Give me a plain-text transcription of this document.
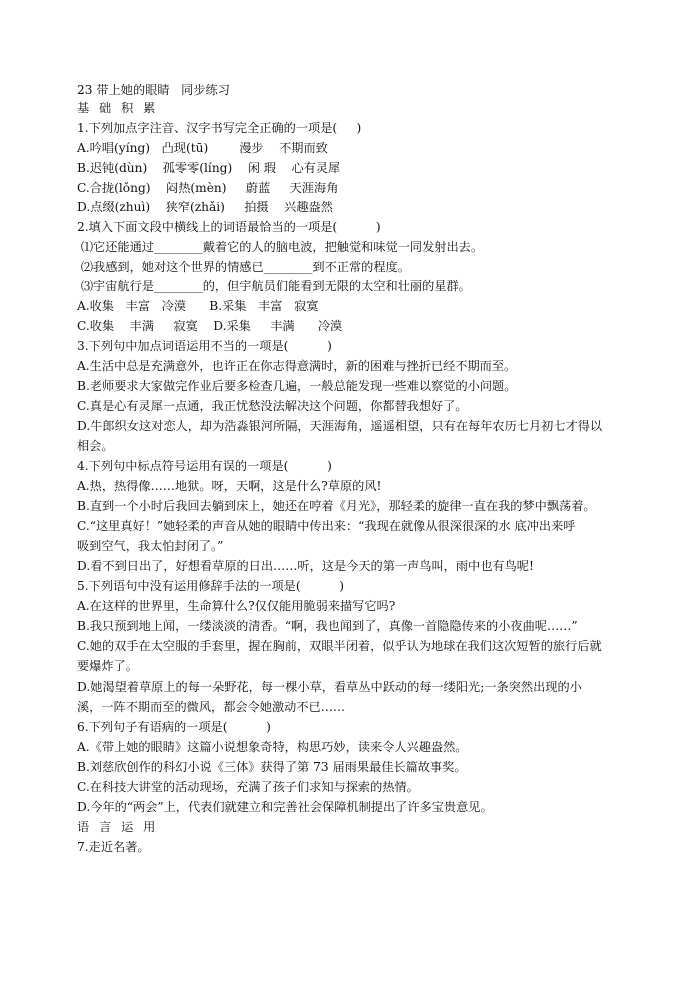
23 带上她的眼睛   同步练习
基 础 积 累
1.下列加点字注音、汉字书写完全正确的一项是(     )
A.吟唱(yíng)   凸现(tū)        漫步    不期而致
B.迟钝(dùn)    孤零零(líng)    闲 瑕    心有灵犀
C.合拢(lǒng)    闷热(mèn)     蔚蓝     天涯海角
D.点缀(zhuì)    狭窄(zhǎi)     拍摄    兴趣盎然
2.填入下面文段中横线上的词语最恰当的一项是(          )
⑴它还能通过________戴着它的人的脑电波，把触觉和味觉一同发射出去。
⑵我感到，她对这个世界的情感已________到不正常的程度。
⑶宇宙航行是________的，但宇航员们能看到无限的太空和壮丽的星群。
A.收集   丰富   冷漠      B.采集   丰富   寂寞
C.收集    丰满     寂寞    D.采集     丰满      冷漠
3.下列句中加点词语运用不当的一项是(          )
A.生活中总是充满意外，也许正在你志得意满时，新的困难与挫折已经不期而至。
B.老师要求大家做完作业后要多检查几遍，一般总能发现一些难以察觉的小问题。
C.真是心有灵犀一点通，我正忧愁没法解决这个问题，你都替我想好了。
D.牛郎织女这对恋人，却为浩淼银河所隔，天涯海角，遥遥相望，只有在每年农历七月初七才得以
相会。
4.下列句中标点符号运用有误的一项是(          )
A.热，热得像……地狱。呀，天啊，这是什么?草原的风!
B.直到一个小时后我回去躺到床上，她还在哼着《月光》，那轻柔的旋律一直在我的梦中飘荡着。
C.“这里真好！”她轻柔的声音从她的眼睛中传出来：“我现在就像从很深很深的水 底冲出来呼
吸到空气，我太怕封闭了。”
D.看不到日出了，好想看草原的日出……听，这是今天的第一声鸟叫，雨中也有鸟呢!
5.下列语句中没有运用修辞手法的一项是(          )
A.在这样的世界里，生命算什么?仅仅能用脆弱来描写它吗?
B.我只预到地上闻，一缕淡淡的清香。“啊，我也闻到了，真像一首隐隐传来的小夜曲呢……”
C.她的双手在太空服的手套里，握在胸前，双眼半闭着，似乎认为地球在我们这次短暂的旅行后就
要爆炸了。
D.她渴望着草原上的每一朵野花，每一棵小草，看草丛中跃动的每一缕阳光;一条突然出现的小
溪，一阵不期而至的微风，都会令她激动不已……
6.下列句子有语病的一项是(          )
A.《带上她的眼睛》这篇小说想象奇特，构思巧妙，读来令人兴趣盎然。
B.刘慈欣创作的科幻小说《三体》获得了第 73 届雨果最佳长篇故事奖。
C.在科技大讲堂的活动现场，充满了孩子们求知与探索的热情。
D.今年的“两会”上，代表们就建立和完善社会保障机制提出了许多宝贵意见。
语 言 运 用
7.走近名著。
